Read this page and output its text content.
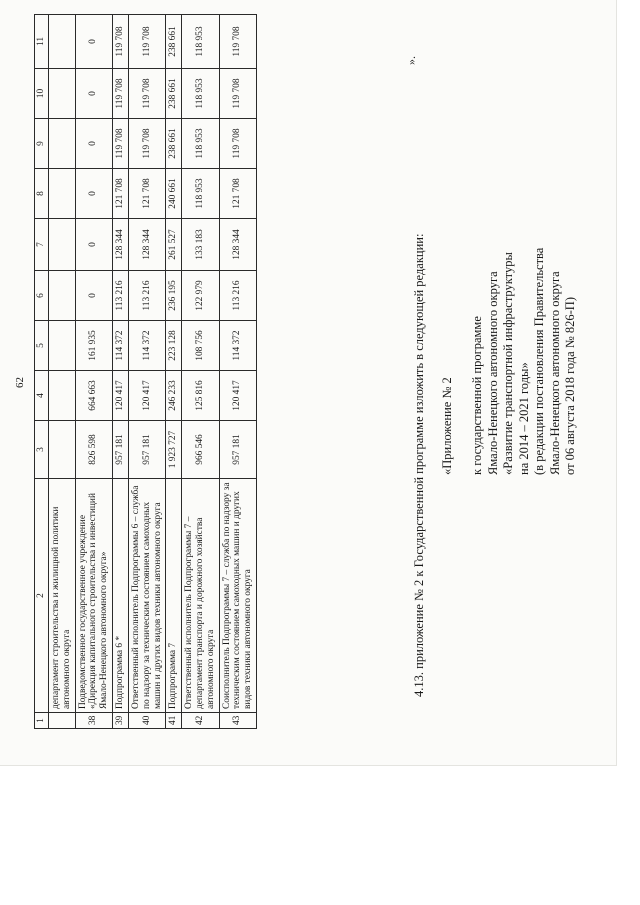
62
1	2	3	4	5	6	7	8	9	10	11
	департамент строительства и жилищной политики автономного округа									
38	Подведомственное государственное учреждение «Дирекция капитального строительства и инвестиций Ямало-Ненецкого автономного округа»	826 598	664 663	161 935	0	0	0	0	0	0
39	Подпрограмма 6 *	957 181	120 417	114 372	113 216	128 344	121 708	119 708	119 708	119 708
40	Ответственный исполнитель Подпрограммы 6 – служба по надзору за техническим состоянием самоходных машин и других видов техники автономного округа	957 181	120 417	114 372	113 216	128 344	121 708	119 708	119 708	119 708
41	Подпрограмма 7	1 923 727	246 233	223 128	236 195	261 527	240 661	238 661	238 661	238 661
42	Ответственный исполнитель Подпрограммы 7 – департамент транспорта и дорожного хозяйства автономного округа	966 546	125 816	108 756	122 979	133 183	118 953	118 953	118 953	118 953
43	Соисполнитель Подпрограммы 7 – служба по надзору за техническим состоянием самоходных машин и других видов техники автономного округа	957 181	120 417	114 372	113 216	128 344	121 708	119 708	119 708	119 708
».
4.13. приложение № 2 к Государственной программе изложить в следующей редакции: «Приложение № 2 к государственной программе Ямало-Ненецкого автономного округа «Развитие транспортной инфраструктуры на 2014 – 2021 годы» (в редакции постановления Правительства Ямало-Ненецкого автономного округа от 06 августа 2018 года № 826-П)
